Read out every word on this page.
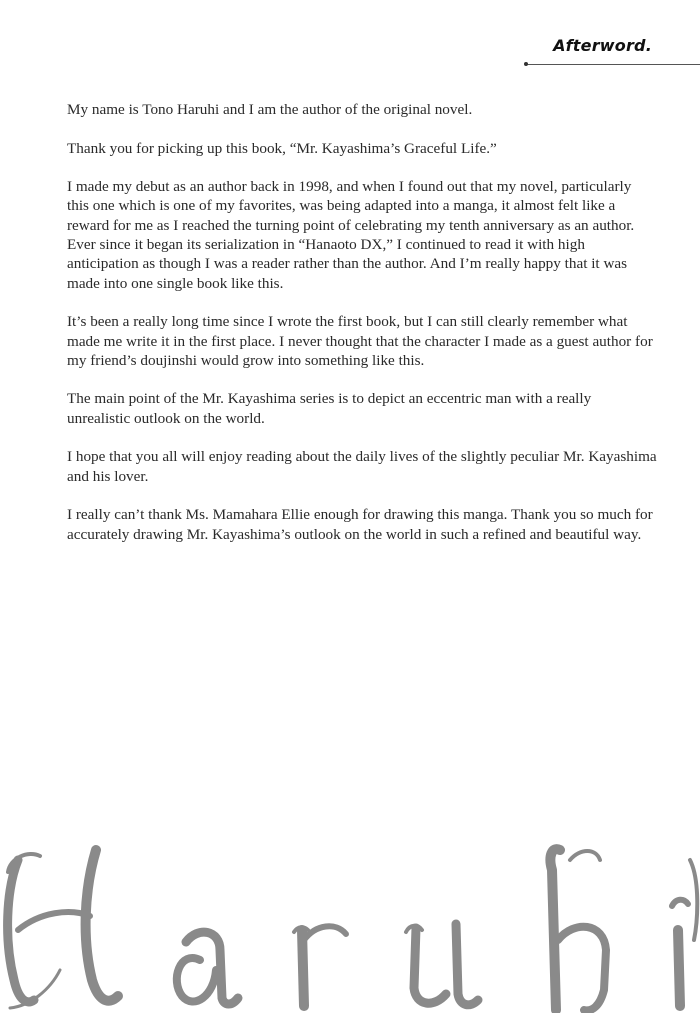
Afterword.

My name is Tono Haruhi and I am the author of the original novel.

Thank you for picking up this book, “Mr. Kayashima’s Graceful Life.”

I made my debut as an author back in 1998, and when I found out that my novel, particularly this one which is one of my favorites, was being adapted into a manga, it almost felt like a reward for me as I reached the turning point of celebrating my tenth anniversary as an author. Ever since it began its serialization in “Hanaoto DX,” I continued to read it with high anticipation as though I was a reader rather than the author. And I’m really happy that it was made into one single book like this.

It’s been a really long time since I wrote the first book, but I can still clearly remember what made me write it in the first place. I never thought that the character I made as a guest author for my friend’s doujinshi would grow into something like this.

The main point of the Mr. Kayashima series is to depict an eccentric man with a really unrealistic outlook on the world.

I hope that you all will enjoy reading about the daily lives of the slightly peculiar Mr. Kayashima and his lover.

I really can’t thank Ms. Mamahara Ellie enough for drawing this manga. Thank you so much for accurately drawing Mr. Kayashima’s outlook on the world in such a refined and beautiful way.
